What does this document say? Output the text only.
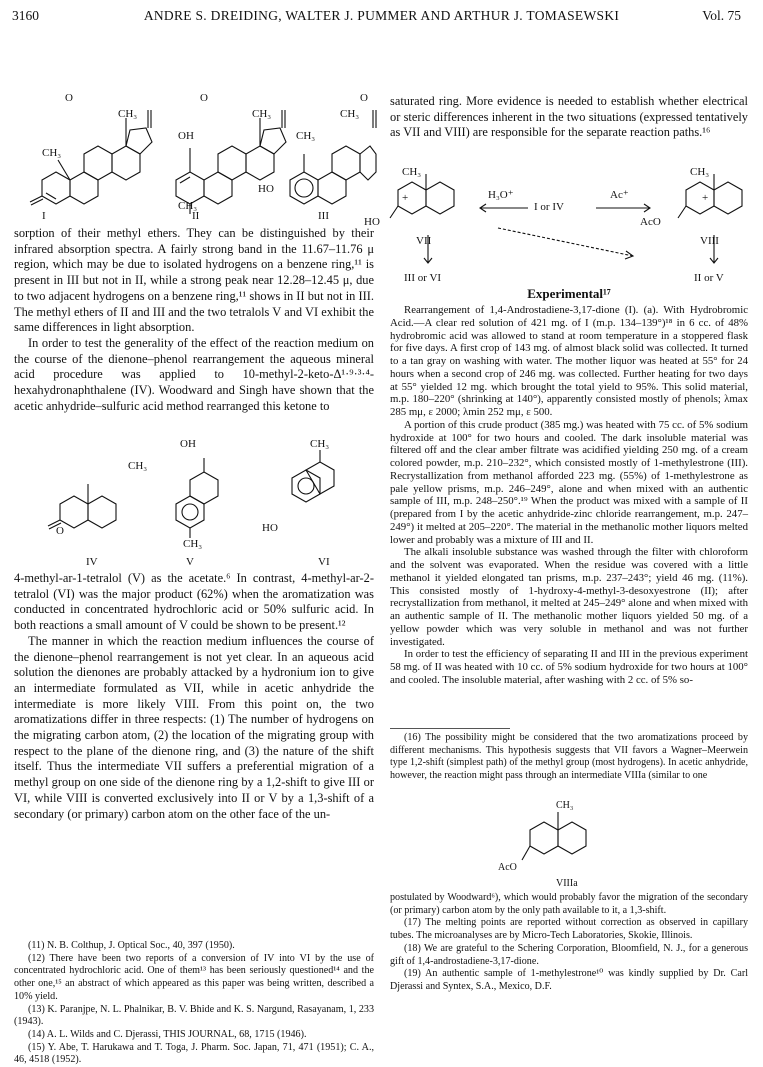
3160	ANDRE S. DREIDING, WALTER J. PUMMER AND ARTHUR J. TOMASEWSKI	Vol. 75
O	O	O
CH₃
CH₃
CH₃
OH
CH₃
CH₃
CH₃
HO
I	II	III

sorption of their methyl ethers. They can be distinguished by their infrared absorption spectra. A fairly strong band in the 11.67–11.76 μ region, which may be due to isolated hydrogens on a benzene ring,¹¹ is present in III but not in II, while a strong peak near 12.28–12.45 μ, due to two adjacent hydrogens on a benzene ring,¹¹ shows in II but not in III. The methyl ethers of II and III and the two tetralols V and VI exhibit the same differences in light absorption.

In order to test the generality of the effect of the reaction medium on the course of the dienone–phenol rearrangement the aqueous mineral acid procedure was applied to 10-methyl-2-keto-Δ¹·⁹·³·⁴-hexahydronaphthalene (IV). Woodward and Singh have shown that the acetic anhydride–sulfuric acid method rearranged this ketone to

OH	CH₃
CH₃
O	HO
CH₃
IV	V	VI

4-methyl-ar-1-tetralol (V) as the acetate.⁶ In contrast, 4-methyl-ar-2-tetralol (VI) was the major product (62%) when the aromatization was conducted in concentrated hydrochloric acid or 50% sulfuric acid. In both reactions a small amount of V could be shown to be present.¹²

The manner in which the reaction medium influences the course of the dienone–phenol rearrangement is not yet clear. In an aqueous acid solution the dienones are probably attacked by a hydronium ion to give an intermediate formulated as VII, while in acetic anhydride the intermediate is more likely VIII. From this point on, the two aromatizations differ in three respects: (1) The number of hydrogens on the migrating carbon atom, (2) the location of the migrating group with respect to the plane of the dienone ring, and (3) the nature of the shift itself. Thus the intermediate VII suffers a preferential migration of a methyl group on one side of the dienone ring by a 1,2-shift to give III or VI, while VIII is converted exclusively into II or V by a 1,3-shift of a secondary (or primary) carbon atom on the other face of the un-

(11) N. B. Colthup, J. Optical Soc., 40, 397 (1950).

(12) There have been two reports of a conversion of IV into VI by the use of concentrated hydrochloric acid. One of them¹³ has been seriously questioned¹⁴ and the other one,¹⁵ an abstract of which appeared as this paper was being written, described a 10% yield.

(13) K. Paranjpe, N. L. Phalnikar, B. V. Bhide and K. S. Nargund, Rasayanam, 1, 233 (1943).

(14) A. L. Wilds and C. Djerassi, THIS JOURNAL, 68, 1715 (1946).

(15) Y. Abe, T. Harukawa and T. Toga, J. Pharm. Soc. Japan, 71, 471 (1951); C. A., 46, 4518 (1952).

saturated ring. More evidence is needed to establish whether electrical or steric differences inherent in the two situations (expressed tentatively as VII and VIII) are responsible for the separate reaction paths.¹⁶

CH₃	CH₃
+	+
H₃O⁺	Ac⁺
I or IV
HO	AcO
VII	VIII
III or VI	II or V

Experimental¹⁷

Rearrangement of 1,4-Androstadiene-3,17-dione (I). (a). With Hydrobromic Acid.—A clear red solution of 421 mg. of I (m.p. 134–139°)¹⁸ in 6 cc. of 48% hydrobromic acid was allowed to stand at room temperature in a stoppered flask for five days. A first crop of 143 mg. of almost black solid was collected. It turned to a tan gray on washing with water. The mother liquor was heated at 55° for 24 hours when a second crop of 246 mg. was collected. Further heating for two days at 55° yielded 12 mg. which brought the total yield to 95%. This solid material, m.p. 180–220° (shrinking at 140°), apparently consisted mostly of phenols; λmax 285 mμ, ε 2000; λmin 252 mμ, ε 500.

A portion of this crude product (385 mg.) was heated with 75 cc. of 5% sodium hydroxide at 100° for two hours and cooled. The dark insoluble material was filtered off and the clear amber filtrate was acidified yielding 250 mg. of a cream colored powder, m.p. 210–232°, which consisted mostly of 1-methylestrone (III). Recrystallization from methanol afforded 223 mg. (55%) of 1-methylestrone as pale yellow prisms, m.p. 246–249°, alone and when mixed with an authentic sample of III, m.p. 248–250°.¹⁹ When the product was mixed with a sample of II (prepared from I by the acetic anhydride-zinc chloride rearrangement, m.p. 247–249°) it melted at 205–220°. The material in the methanolic mother liquors melted lower and probably was a mixture of III and II.

The alkali insoluble substance was washed through the filter with chloroform and the solvent was evaporated. When the residue was covered with a little methanol it yielded elongated tan prisms, m.p. 237–243°; yield 46 mg. (11%). This consisted mostly of 1-hydroxy-4-methyl-3-desoxyestrone (II); after recrystallization from methanol, it melted at 245–249° alone and when mixed with an authentic sample of II. The methanolic mother liquors yielded 50 mg. of a yellow powder which was very soluble in methanol and was not further investigated.

In order to test the efficiency of separating II and III in the previous experiment 58 mg. of II was heated with 10 cc. of 5% sodium hydroxide for two hours at 100° and cooled. The insoluble material, after washing with 2 cc. of 5% so-

(16) The possibility might be considered that the two aromatizations proceed by different mechanisms. This hypothesis suggests that VII favors a Wagner–Meerwein type 1,2-shift (simplest path) of the methyl group (most hydrogens). In acetic anhydride, however, the reaction might pass through an intermediate VIIIa (similar to one

CH₃
AcO
VIIIa

postulated by Woodward⁶), which would probably favor the migration of the secondary (or primary) carbon atom by the only path available to it, a 1,3-shift.

(17) The melting points are reported without correction as observed in capillary tubes. The microanalyses are by Micro-Tech Laboratories, Skokie, Illinois.

(18) We are grateful to the Schering Corporation, Bloomfield, N. J., for a generous gift of 1,4-androstadiene-3,17-dione.

(19) An authentic sample of 1-methylestrone¹⁰ was kindly supplied by Dr. Carl Djerassi and Syntex, S.A., Mexico, D.F.
